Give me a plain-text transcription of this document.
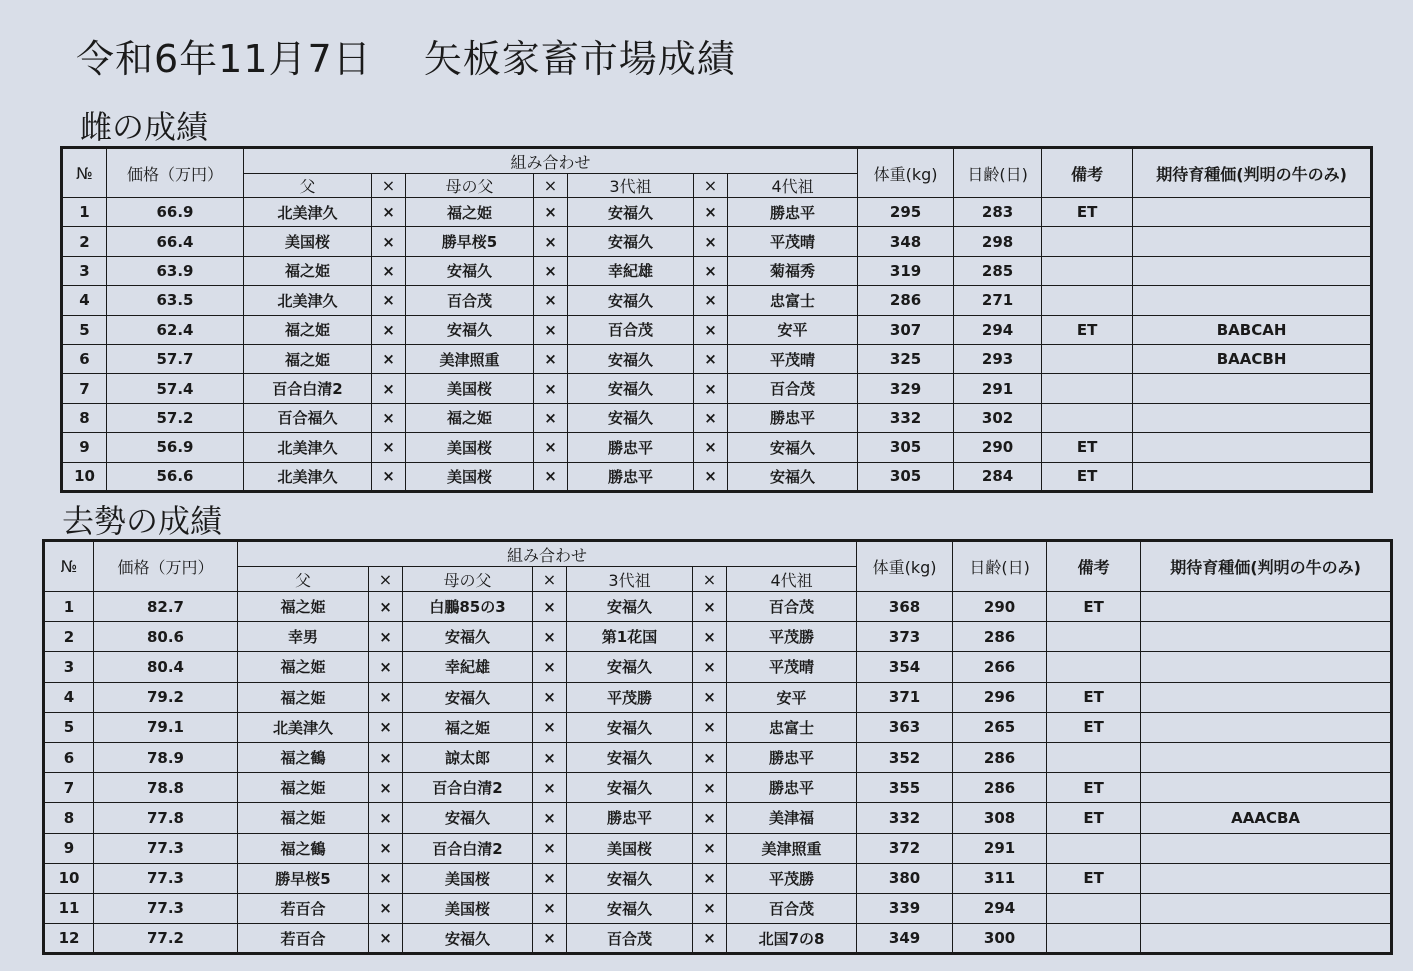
令和6年11月7日　 矢板家畜市場成績
雌の成績
№	価格（万円）	組み合わせ							体重(kg)	日齢(日)	備考	期待育種価(判明の牛のみ)
		父	×	母の父	×	3代祖	×	4代祖				
1	66.9	北美津久	×	福之姫	×	安福久	×	勝忠平	295	283	ET	
2	66.4	美国桜	×	勝早桜5	×	安福久	×	平茂晴	348	298		
3	63.9	福之姫	×	安福久	×	幸紀雄	×	菊福秀	319	285		
4	63.5	北美津久	×	百合茂	×	安福久	×	忠富士	286	271		
5	62.4	福之姫	×	安福久	×	百合茂	×	安平	307	294	ET	BABCAH
6	57.7	福之姫	×	美津照重	×	安福久	×	平茂晴	325	293		BAACBH
7	57.4	百合白清2	×	美国桜	×	安福久	×	百合茂	329	291		
8	57.2	百合福久	×	福之姫	×	安福久	×	勝忠平	332	302		
9	56.9	北美津久	×	美国桜	×	勝忠平	×	安福久	305	290	ET	
10	56.6	北美津久	×	美国桜	×	勝忠平	×	安福久	305	284	ET	
去勢の成績
№	価格（万円）	組み合わせ							体重(kg)	日齢(日)	備考	期待育種価(判明の牛のみ)
		父	×	母の父	×	3代祖	×	4代祖				
1	82.7	福之姫	×	白鵬85の3	×	安福久	×	百合茂	368	290	ET	
2	80.6	幸男	×	安福久	×	第1花国	×	平茂勝	373	286		
3	80.4	福之姫	×	幸紀雄	×	安福久	×	平茂晴	354	266		
4	79.2	福之姫	×	安福久	×	平茂勝	×	安平	371	296	ET	
5	79.1	北美津久	×	福之姫	×	安福久	×	忠富士	363	265	ET	
6	78.9	福之鶴	×	諒太郎	×	安福久	×	勝忠平	352	286		
7	78.8	福之姫	×	百合白清2	×	安福久	×	勝忠平	355	286	ET	
8	77.8	福之姫	×	安福久	×	勝忠平	×	美津福	332	308	ET	AAACBA
9	77.3	福之鶴	×	百合白清2	×	美国桜	×	美津照重	372	291		
10	77.3	勝早桜5	×	美国桜	×	安福久	×	平茂勝	380	311	ET	
11	77.3	若百合	×	美国桜	×	安福久	×	百合茂	339	294		
12	77.2	若百合	×	安福久	×	百合茂	×	北国7の8	349	300		
